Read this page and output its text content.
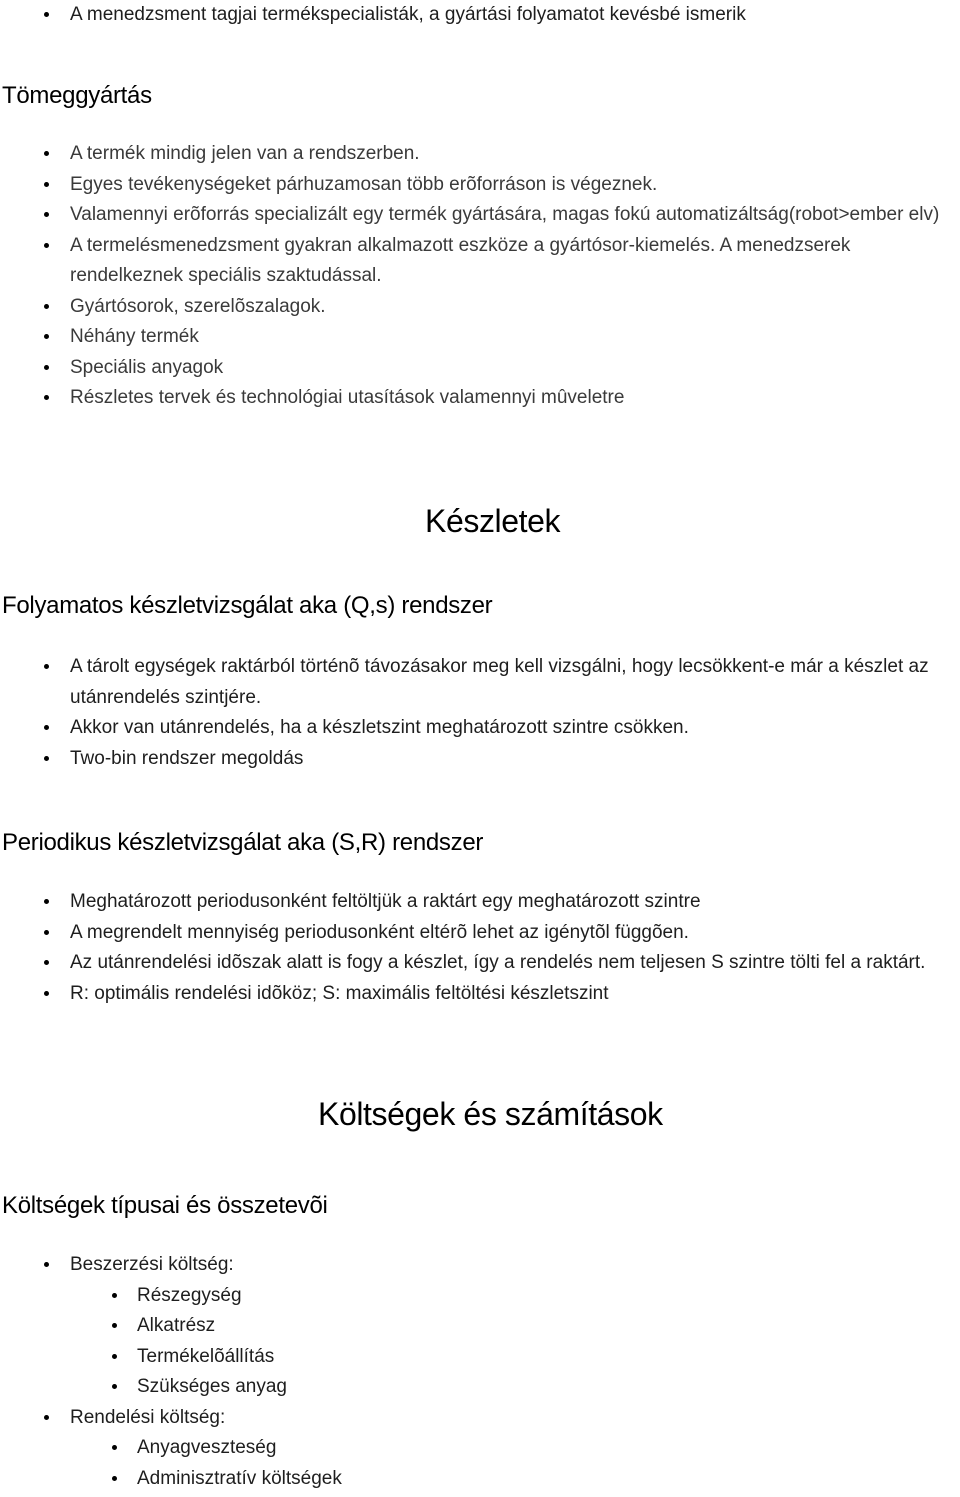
A menedzsment tagjai termékspecialisták, a gyártási folyamatot kevésbé ismerik
Tömeggyártás
A termék mindig jelen van a rendszerben.
Egyes tevékenységeket párhuzamosan több erõforráson is végeznek.
Valamennyi erõforrás specializált egy termék gyártására, magas fokú automatizáltság(robot>ember elv)
A termelésmenedzsment gyakran alkalmazott eszköze a gyártósor-kiemelés. A menedzserek rendelkeznek speciális szaktudással.
Gyártósorok, szerelõszalagok.
Néhány termék
Speciális anyagok
Részletes tervek és technológiai utasítások valamennyi mûveletre
Készletek
Folyamatos készletvizsgálat aka (Q,s) rendszer
A tárolt egységek raktárból történõ távozásakor meg kell vizsgálni, hogy lecsökkent-e már a készlet az utánrendelés szintjére.
Akkor van utánrendelés, ha a készletszint meghatározott szintre csökken.
Two-bin rendszer megoldás
Periodikus készletvizsgálat aka (S,R) rendszer
Meghatározott periodusonként feltöltjük a raktárt egy meghatározott szintre
A megrendelt mennyiség periodusonként eltérõ lehet az igénytõl függõen.
Az utánrendelési idõszak alatt is fogy a készlet, így a rendelés nem teljesen S szintre tölti fel a raktárt.
R: optimális rendelési idõköz; S: maximális feltöltési készletszint
Költségek és számítások
Költségek típusai és összetevõi
Beszerzési költség:
Részegység
Alkatrész
Termékelõállítás
Szükséges anyag
Rendelési költség:
Anyagveszteség
Adminisztratív költségek
